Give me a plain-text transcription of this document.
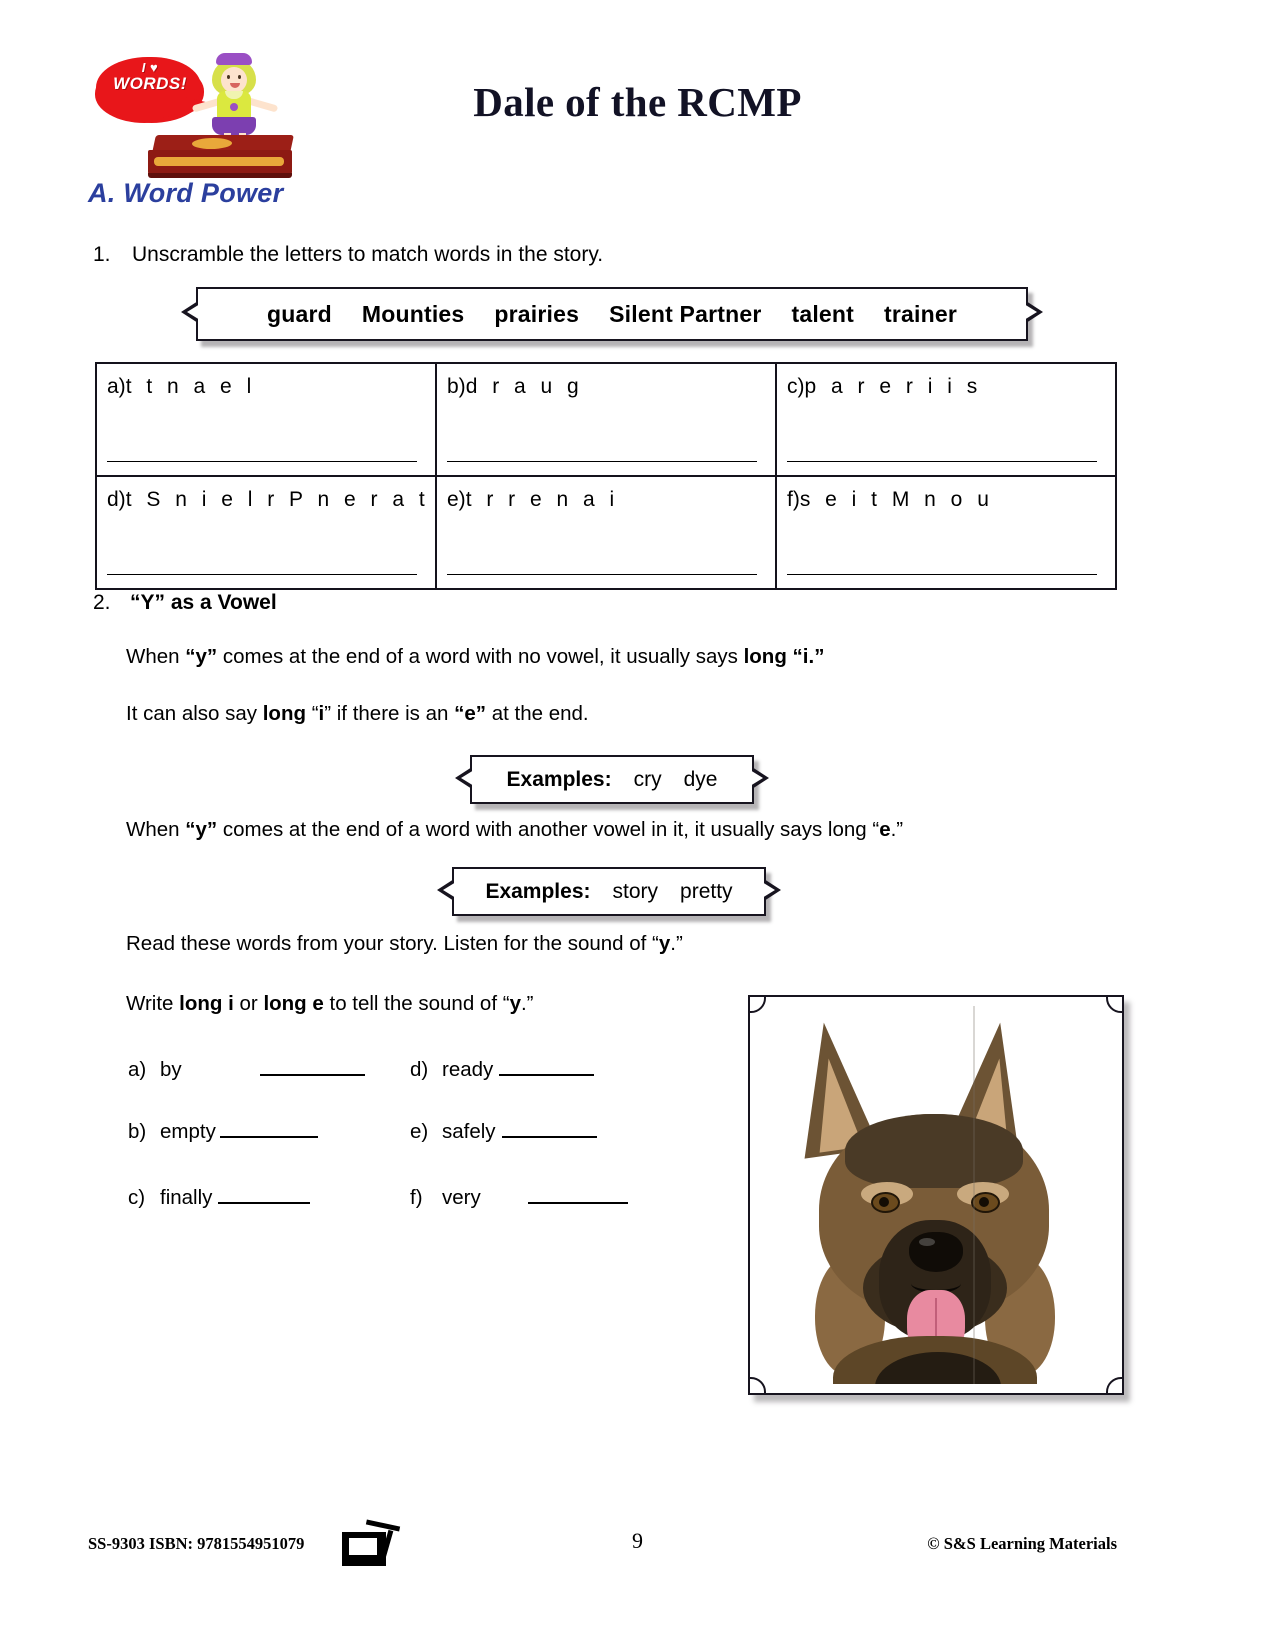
I ♥
WORDS!
A. Word Power
Dale of the RCMP
1. Unscramble the letters to match words in the story.
guard Mounties prairies Silent Partner talent trainer
a)t t n a e l	b)d r a u g	c)p a r e r i i s

d)t S n i e l r P n e r a t	e)t r r e n a i	f)s e i t M n o u
2. “Y” as a Vowel
When “y” comes at the end of a word with no vowel, it usually says long “i.”
It can also say long “i” if there is an “e” at the end.
Examples: cry dye
When “y” comes at the end of a word with another vowel in it, it usually says long “e.”
Examples: story pretty
Read these words from your story. Listen for the sound of “y.”
Write long i or long e to tell the sound of “y.”
a) by
b) empty
c) finally
d) ready
e) safely
f) very
SS-9303 ISBN: 9781554951079	9	© S&S Learning Materials
